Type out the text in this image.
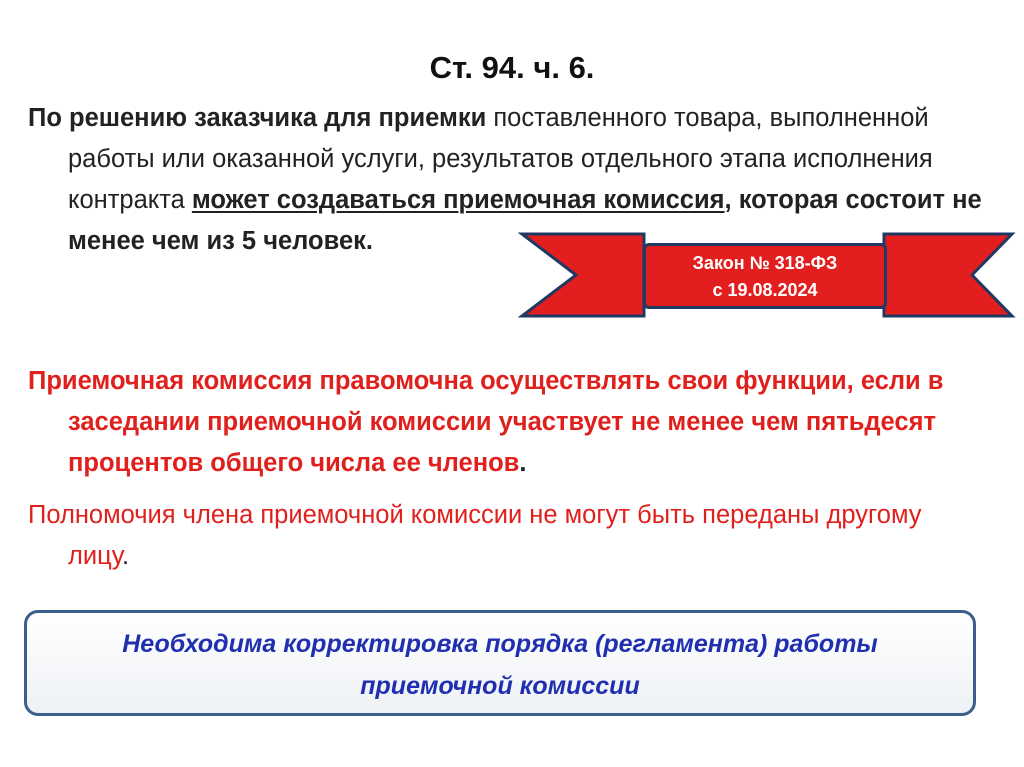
Ст. 94. ч. 6.
По решению заказчика для приемки поставленного товара, выполненной работы или оказанной услуги, результатов отдельного этапа исполнения контракта может создаваться приемочная комиссия, которая состоит не менее чем из 5 человек.
Закон № 318-ФЗ
с 19.08.2024
Приемочная комиссия правомочна осуществлять свои функции, если в заседании приемочной комиссии участвует не менее чем пятьдесят процентов общего числа ее членов.
Полномочия члена приемочной комиссии не могут быть переданы другому лицу.
Необходима корректировка порядка (регламента) работы
приемочной комиссии
